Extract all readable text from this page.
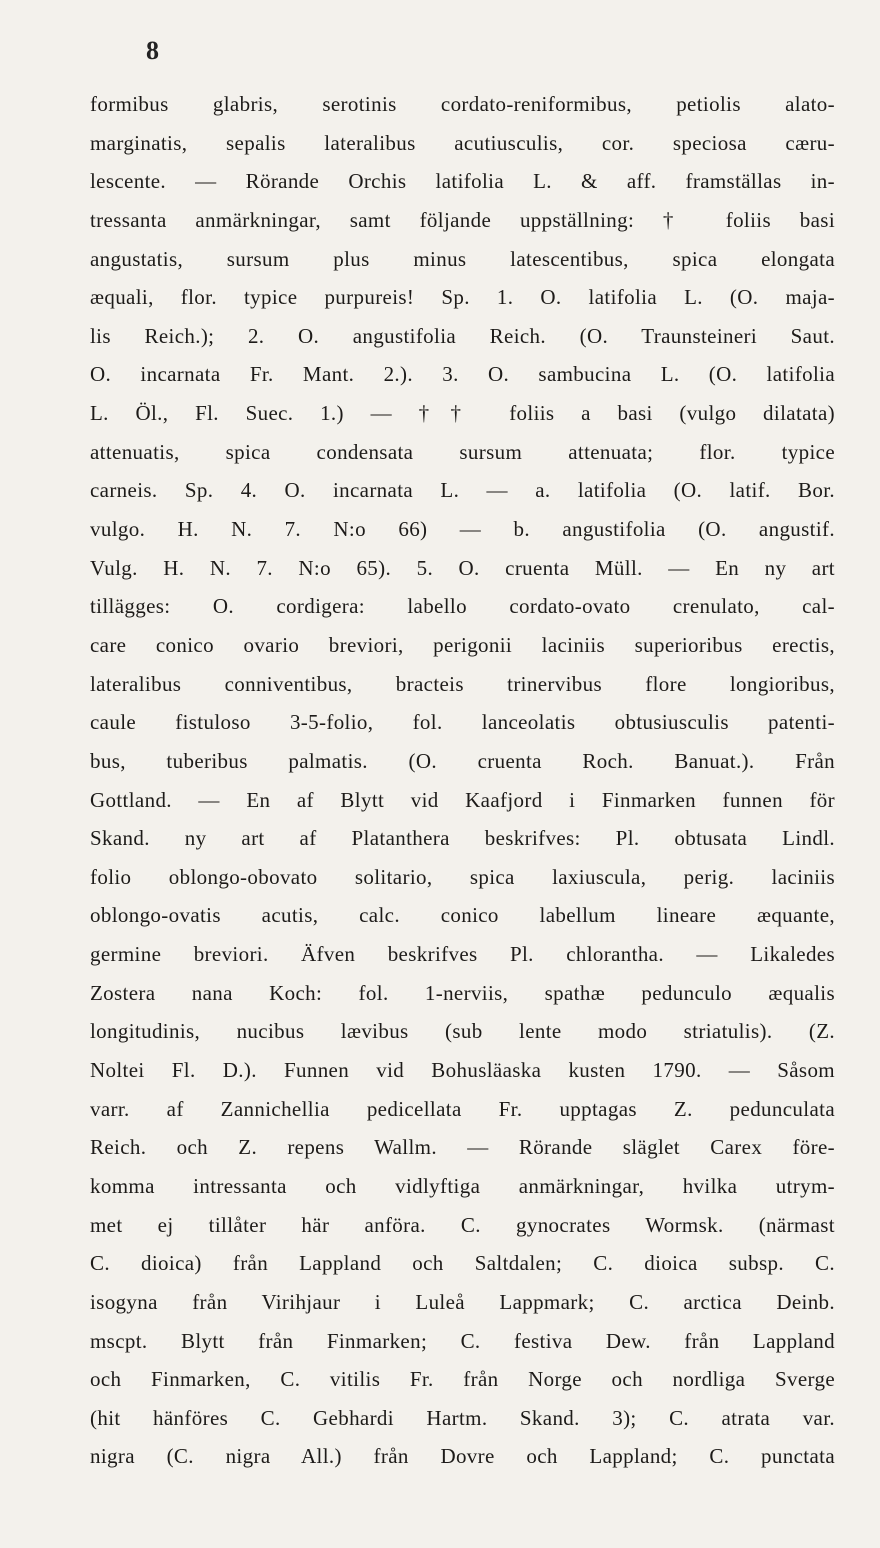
8
formibus glabris, serotinis cordato-reniformibus, petiolis alato-
marginatis, sepalis lateralibus acutiusculis, cor. speciosa cæru-
lescente. — Rörande Orchis latifolia L. & aff. framställas in-
tressanta anmärkningar, samt följande uppställning: † foliis basi
angustatis, sursum plus minus latescentibus, spica elongata
æquali, flor. typice purpureis! Sp. 1. O. latifolia L. (O. maja-
lis Reich.); 2. O. angustifolia Reich. (O. Traunsteineri Saut.
O. incarnata Fr. Mant. 2.). 3. O. sambucina L. (O. latifolia
L. Öl., Fl. Suec. 1.) — †† foliis a basi (vulgo dilatata)
attenuatis, spica condensata sursum attenuata; flor. typice
carneis. Sp. 4. O. incarnata L. — a. latifolia (O. latif. Bor.
vulgo. H. N. 7. N:o 66) — b. angustifolia (O. angustif.
Vulg. H. N. 7. N:o 65). 5. O. cruenta Müll. — En ny art
tillägges: O. cordigera: labello cordato-ovato crenulato, cal-
care conico ovario breviori, perigonii laciniis superioribus erectis,
lateralibus conniventibus, bracteis trinervibus flore longioribus,
caule fistuloso 3-5-folio, fol. lanceolatis obtusiusculis patenti-
bus, tuberibus palmatis. (O. cruenta Roch. Banuat.). Från
Gottland. — En af Blytt vid Kaafjord i Finmarken funnen för
Skand. ny art af Platanthera beskrifves: Pl. obtusata Lindl.
folio oblongo-obovato solitario, spica laxiuscula, perig. laciniis
oblongo-ovatis acutis, calc. conico labellum lineare æquante,
germine breviori. Äfven beskrifves Pl. chlorantha. — Likaledes
Zostera nana Koch: fol. 1-nerviis, spathæ pedunculo æqualis
longitudinis, nucibus lævibus (sub lente modo striatulis). (Z.
Noltei Fl. D.). Funnen vid Bohusläaska kusten 1790. — Såsom
varr. af Zannichellia pedicellata Fr. upptagas Z. pedunculata
Reich. och Z. repens Wallm. — Rörande släglet Carex före-
komma intressanta och vidlyftiga anmärkningar, hvilka utrym-
met ej tillåter här anföra. C. gynocrates Wormsk. (närmast
C. dioica) från Lappland och Saltdalen; C. dioica subsp. C.
isogyna från Virihjaur i Luleå Lappmark; C. arctica Deinb.
mscpt. Blytt från Finmarken; C. festiva Dew. från Lappland
och Finmarken, C. vitilis Fr. från Norge och nordliga Sverge
(hit hänföres C. Gebhardi Hartm. Skand. 3); C. atrata var.
nigra (C. nigra All.) från Dovre och Lappland; C. punctata
